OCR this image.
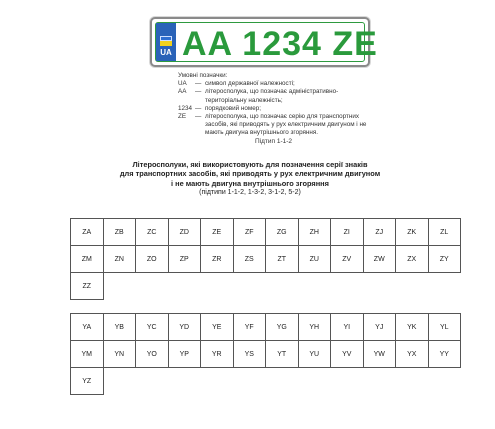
UA AA 1234 ZE
Умовні позначки:
UA	— символ державної належності;
AA	— літеросполука, що позначає адміністративно- територіальну належність;
1234 — порядковий номер;
ZE	— літеросполука, що позначає серію для транспортних засобів, які приводять у рух електричним двигуном і не мають двигуна внутрішнього згоряння.
Підтип 1-1-2
Літеросполуки, які використовують для позначення серії знаків
для транспортних засобів, які приводять у рух електричним двигуном
і не мають двигуна внутрішнього згоряння
(підтипи 1-1-2, 1-3-2, 3-1-2, 5-2)
ZA	ZB	ZC	ZD	ZE	ZF	ZG	ZH	ZI	ZJ	ZK	ZL
ZM	ZN	ZO	ZP	ZR	ZS	ZT	ZU	ZV	ZW	ZX	ZY
ZZ
YA	YB	YC	YD	YE	YF	YG	YH	YI	YJ	YK	YL
YM	YN	YO	YP	YR	YS	YT	YU	YV	YW	YX	YY
YZ
